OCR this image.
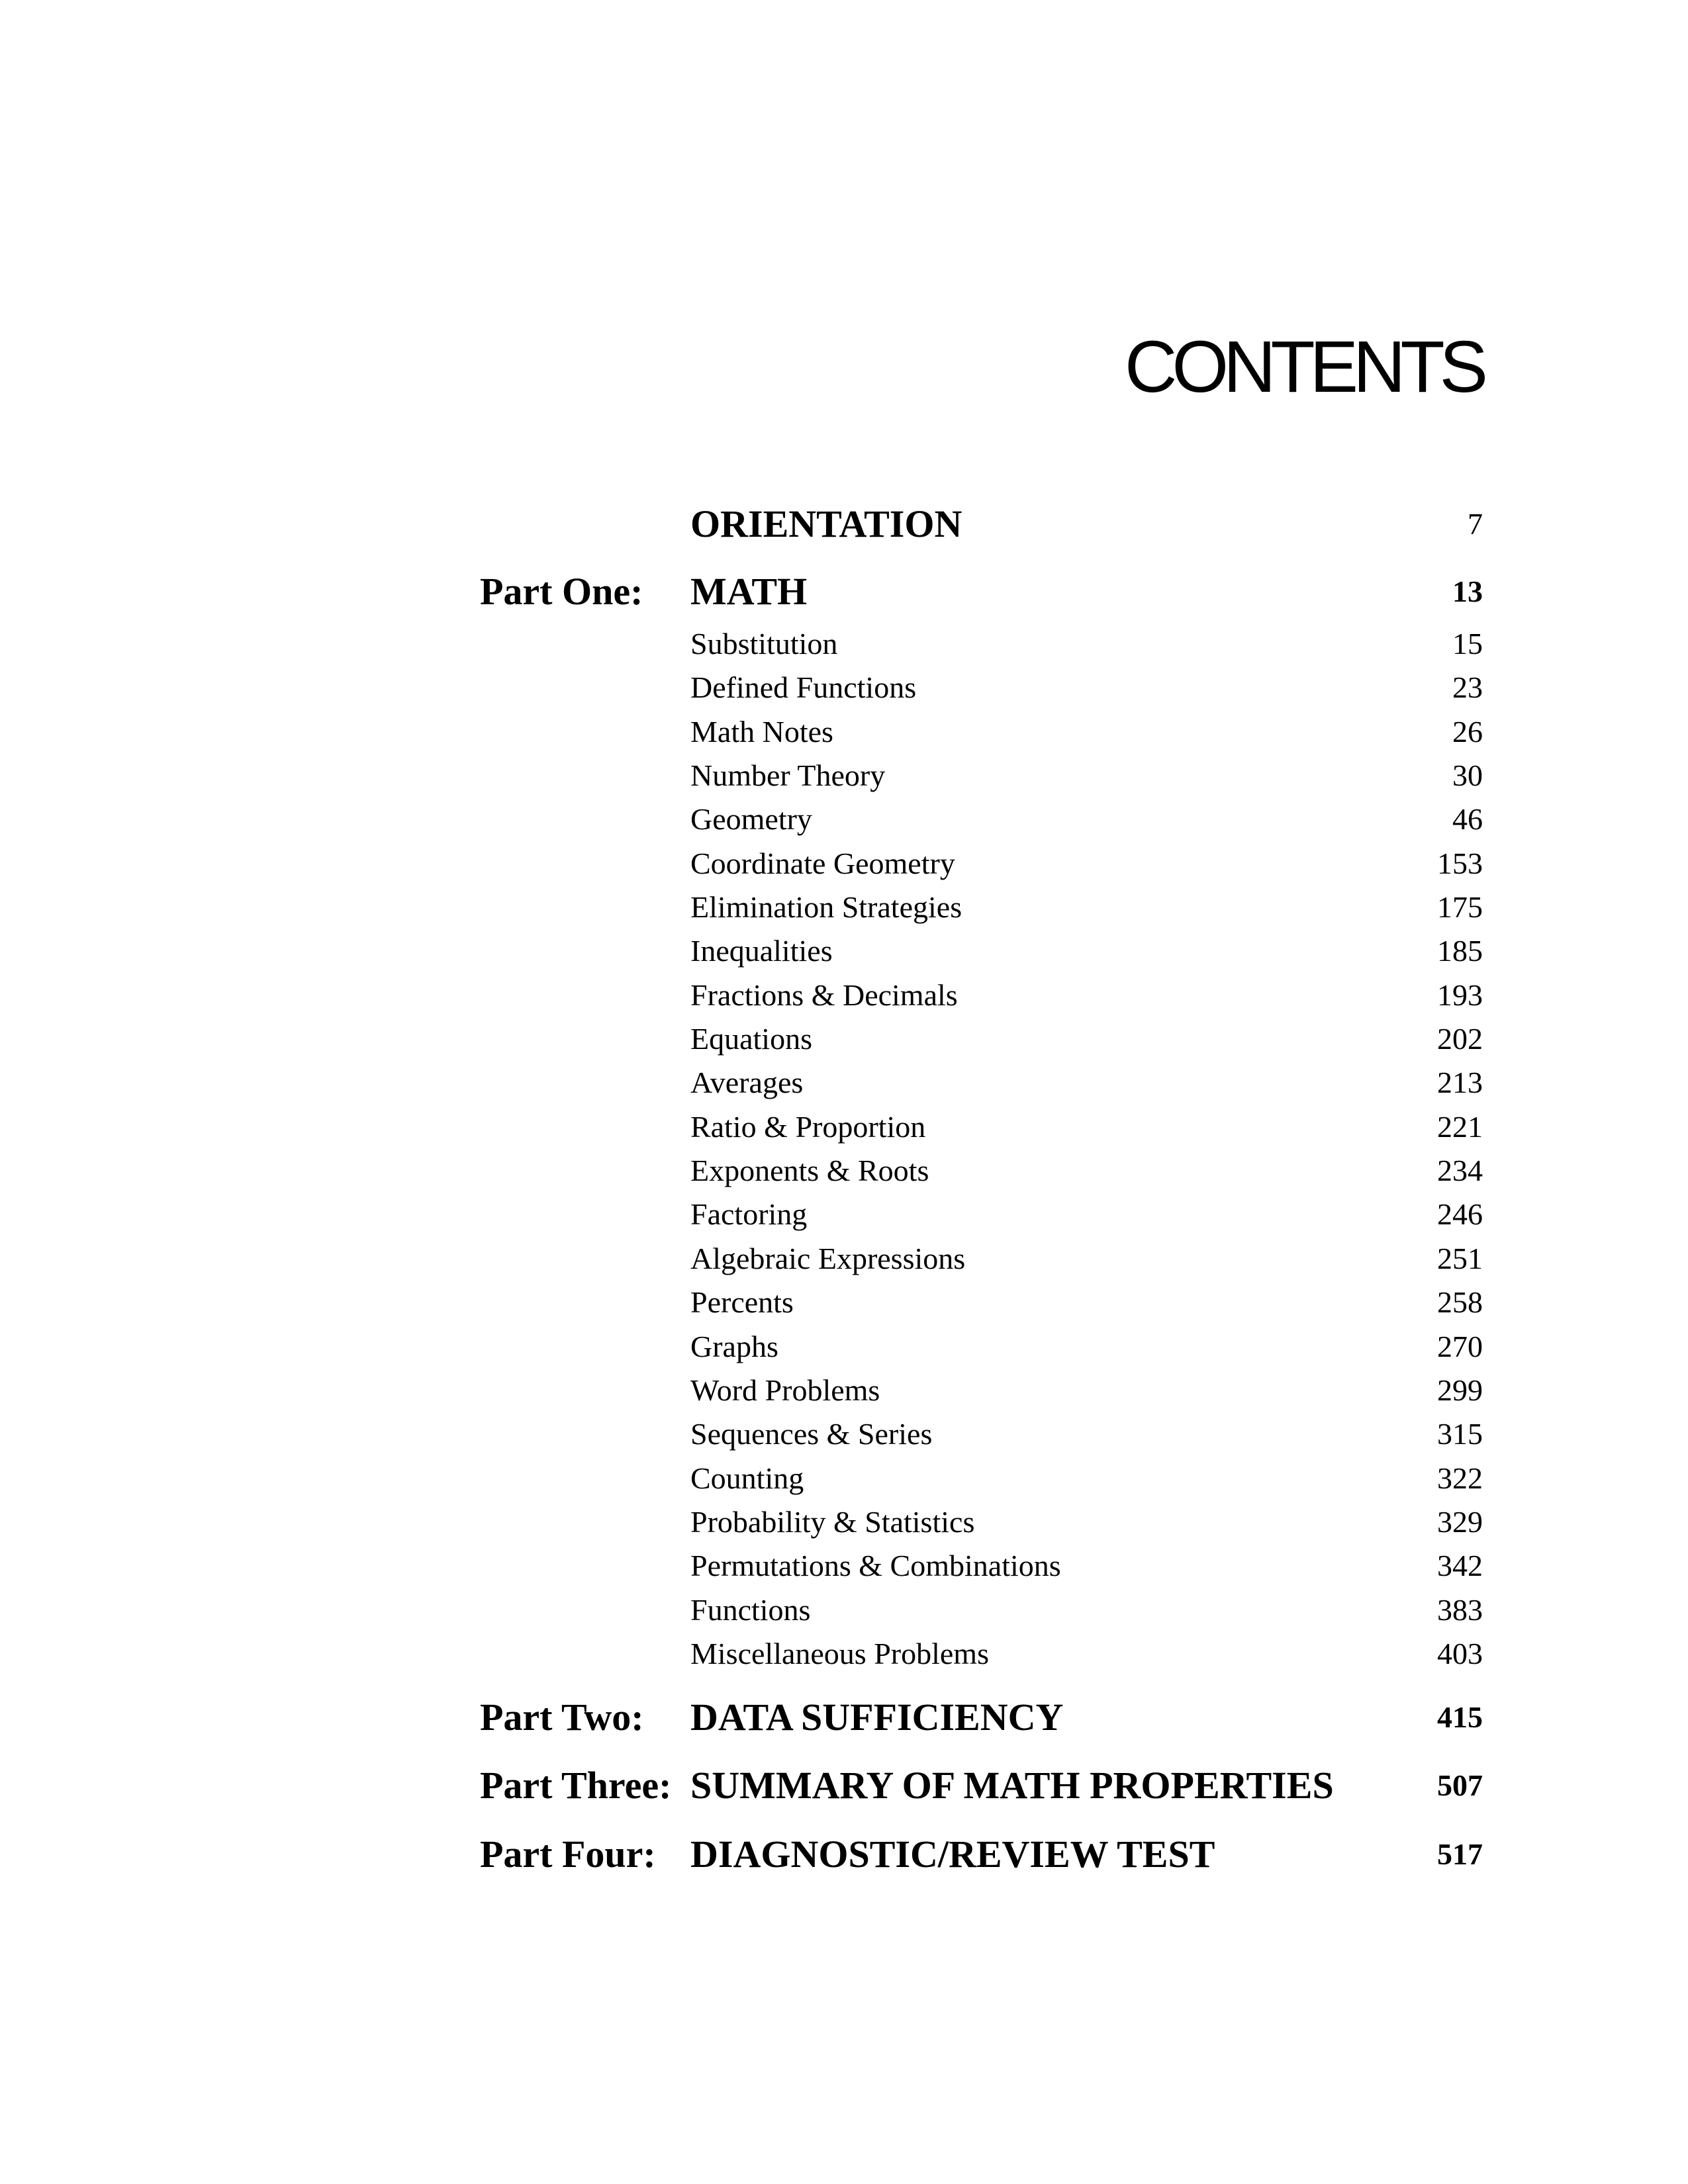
CONTENTS
ORIENTATION	7
Part One: MATH	13
Substitution	15
Defined Functions	23
Math Notes	26
Number Theory	30
Geometry	46
Coordinate Geometry	153
Elimination Strategies	175
Inequalities	185
Fractions & Decimals	193
Equations	202
Averages	213
Ratio & Proportion	221
Exponents & Roots	234
Factoring	246
Algebraic Expressions	251
Percents	258
Graphs	270
Word Problems	299
Sequences & Series	315
Counting	322
Probability & Statistics	329
Permutations & Combinations	342
Functions	383
Miscellaneous Problems	403
Part Two: DATA SUFFICIENCY	415
Part Three: SUMMARY OF MATH PROPERTIES	507
Part Four: DIAGNOSTIC/REVIEW TEST	517
